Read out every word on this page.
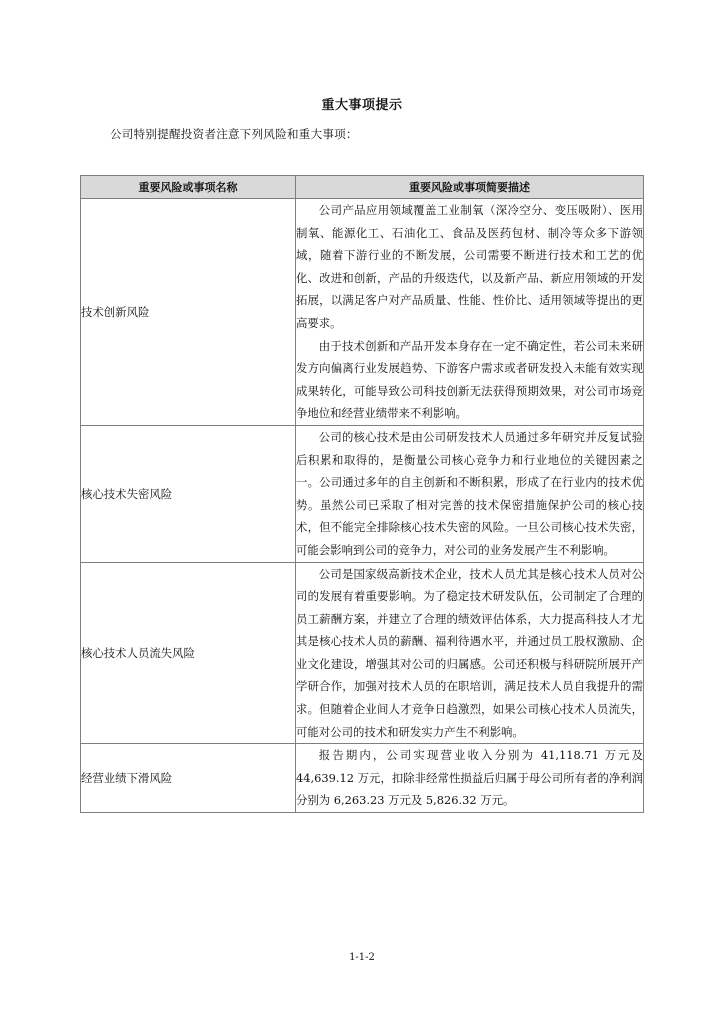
重大事项提示
公司特别提醒投资者注意下列风险和重大事项：
重要风险或事项名称	重要风险或事项简要描述
技术创新风险	公司产品应用领域覆盖工业制氧（深冷空分、变压吸附）、医用制氧、能源化工、石油化工、食品及医药包材、制冷等众多下游领域，随着下游行业的不断发展，公司需要不断进行技术和工艺的优化、改进和创新，产品的升级迭代，以及新产品、新应用领域的开发拓展，以满足客户对产品质量、性能、性价比、适用领域等提出的更高要求。

由于技术创新和产品开发本身存在一定不确定性，若公司未来研发方向偏离行业发展趋势、下游客户需求或者研发投入未能有效实现成果转化，可能导致公司科技创新无法获得预期效果，对公司市场竞争地位和经营业绩带来不利影响。

核心技术失密风险	公司的核心技术是由公司研发技术人员通过多年研究并反复试验后积累和取得的，是衡量公司核心竞争力和行业地位的关键因素之一。公司通过多年的自主创新和不断积累，形成了在行业内的技术优势。虽然公司已采取了相对完善的技术保密措施保护公司的核心技术，但不能完全排除核心技术失密的风险。一旦公司核心技术失密，可能会影响到公司的竞争力，对公司的业务发展产生不利影响。

核心技术人员流失风险	公司是国家级高新技术企业，技术人员尤其是核心技术人员对公司的发展有着重要影响。为了稳定技术研发队伍，公司制定了合理的员工薪酬方案，并建立了合理的绩效评估体系，大力提高科技人才尤其是核心技术人员的薪酬、福利待遇水平，并通过员工股权激励、企业文化建设，增强其对公司的归属感。公司还积极与科研院所展开产学研合作，加强对技术人员的在职培训，满足技术人员自我提升的需求。但随着企业间人才竞争日趋激烈，如果公司核心技术人员流失，可能对公司的技术和研发实力产生不利影响。

经营业绩下滑风险	报告期内，公司实现营业收入分别为 41,118.71 万元及 44,639.12 万元，扣除非经常性损益后归属于母公司所有者的净利润分别为 6,263.23 万元及 5,826.32 万元。

1-1-2
